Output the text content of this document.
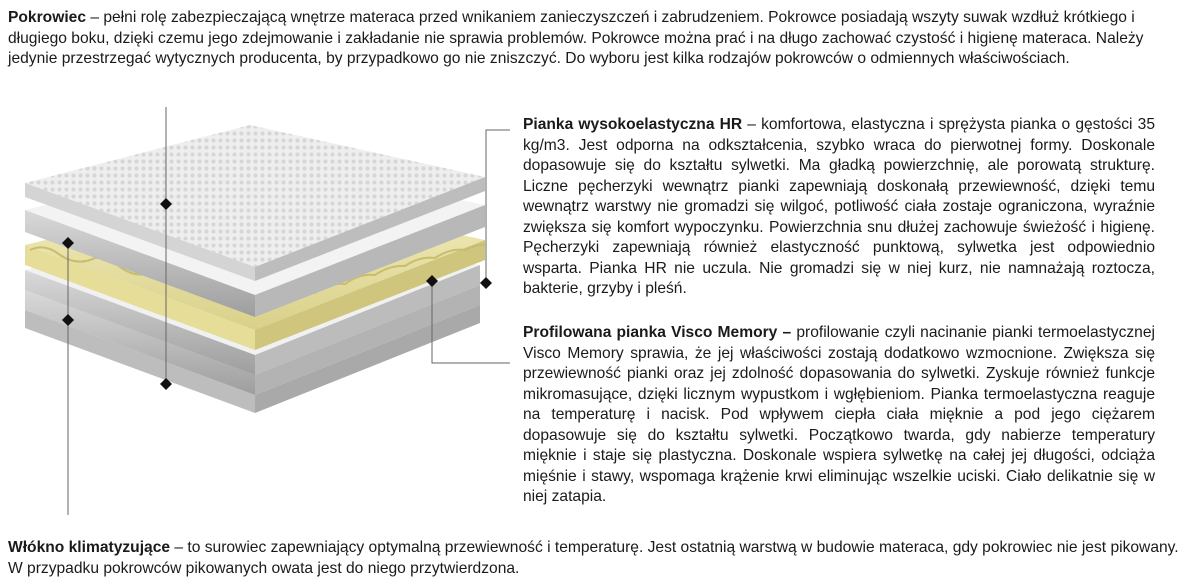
Pokrowiec – pełni rolę zabezpieczającą wnętrze materaca przed wnikaniem zanieczyszczeń i zabrudzeniem. Pokrowce posiadają wszyty suwak wzdłuż krótkiego i długiego boku, dzięki czemu jego zdejmowanie i zakładanie nie sprawia problemów. Pokrowce można prać i na długo zachować czystość i higienę materaca. Należy jedynie przestrzegać wytycznych producenta, by przypadkowo go nie zniszczyć. Do wyboru jest kilka rodzajów pokrowców o odmiennych właściwościach.

Pianka wysokoelastyczna HR – komfortowa, elastyczna i sprężysta pianka o gęstości 35 kg/m3. Jest odporna na odkształcenia, szybko wraca do pierwotnej formy. Doskonale dopasowuje się do kształtu sylwetki. Ma gładką powierzchnię, ale porowatą strukturę. Liczne pęcherzyki wewnątrz pianki zapewniają doskonałą przewiewność, dzięki temu wewnątrz warstwy nie gromadzi się wilgoć, potliwość ciała zostaje ograniczona, wyraźnie zwiększa się komfort wypoczynku. Powierzchnia snu dłużej zachowuje świeżość i higienę. Pęcherzyki zapewniają również elastyczność punktową, sylwetka jest odpowiednio wsparta. Pianka HR nie uczula. Nie gromadzi się w niej kurz, nie namnażają roztocza, bakterie, grzyby i pleśń.

Profilowana pianka Visco Memory – profilowanie czyli nacinanie pianki termoelastycznej Visco Memory sprawia, że jej właściwości zostają dodatkowo wzmocnione. Zwiększa się przewiewność pianki oraz jej zdolność dopasowania do sylwetki. Zyskuje również funkcje mikromasujące, dzięki licznym wypustkom i wgłębieniom. Pianka termoelastyczna reaguje na temperaturę i nacisk. Pod wpływem ciepła ciała mięknie a pod jego ciężarem dopasowuje się do kształtu sylwetki. Początkowo twarda, gdy nabierze temperatury mięknie i staje się plastyczna. Doskonale wspiera sylwetkę na całej jej długości, odciąża mięśnie i stawy, wspomaga krążenie krwi eliminując wszelkie uciski. Ciało delikatnie się w niej zatapia.

Włókno klimatyzujące – to surowiec zapewniający optymalną przewiewność i temperaturę. Jest ostatnią warstwą w budowie materaca, gdy pokrowiec nie jest pikowany. W przypadku pokrowców pikowanych owata jest do niego przytwierdzona.
